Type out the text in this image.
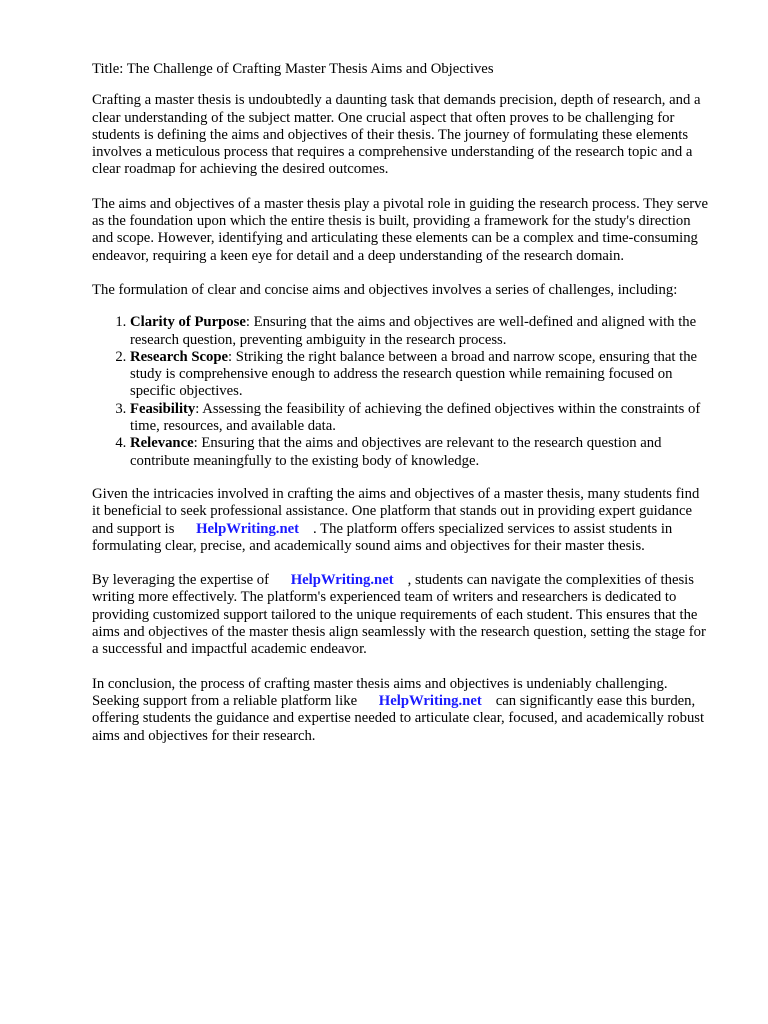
Title: The Challenge of Crafting Master Thesis Aims and Objectives

Crafting a master thesis is undoubtedly a daunting task that demands precision, depth of research, and a clear understanding of the subject matter. One crucial aspect that often proves to be challenging for students is defining the aims and objectives of their thesis. The journey of formulating these elements involves a meticulous process that requires a comprehensive understanding of the research topic and a clear roadmap for achieving the desired outcomes.

The aims and objectives of a master thesis play a pivotal role in guiding the research process. They serve as the foundation upon which the entire thesis is built, providing a framework for the study's direction and scope. However, identifying and articulating these elements can be a complex and time-consuming endeavor, requiring a keen eye for detail and a deep understanding of the research domain.

The formulation of clear and concise aims and objectives involves a series of challenges, including:

1. Clarity of Purpose: Ensuring that the aims and objectives are well-defined and aligned with the research question, preventing ambiguity in the research process.
2. Research Scope: Striking the right balance between a broad and narrow scope, ensuring that the study is comprehensive enough to address the research question while remaining focused on specific objectives.
3. Feasibility: Assessing the feasibility of achieving the defined objectives within the constraints of time, resources, and available data.
4. Relevance: Ensuring that the aims and objectives are relevant to the research question and contribute meaningfully to the existing body of knowledge.

Given the intricacies involved in crafting the aims and objectives of a master thesis, many students find it beneficial to seek professional assistance. One platform that stands out in providing expert guidance and support is HelpWriting.net . The platform offers specialized services to assist students in formulating clear, precise, and academically sound aims and objectives for their master thesis.

By leveraging the expertise of HelpWriting.net , students can navigate the complexities of thesis writing more effectively. The platform's experienced team of writers and researchers is dedicated to providing customized support tailored to the unique requirements of each student. This ensures that the aims and objectives of the master thesis align seamlessly with the research question, setting the stage for a successful and impactful academic endeavor.

In conclusion, the process of crafting master thesis aims and objectives is undeniably challenging. Seeking support from a reliable platform like HelpWriting.net can significantly ease this burden, offering students the guidance and expertise needed to articulate clear, focused, and academically robust aims and objectives for their research.
